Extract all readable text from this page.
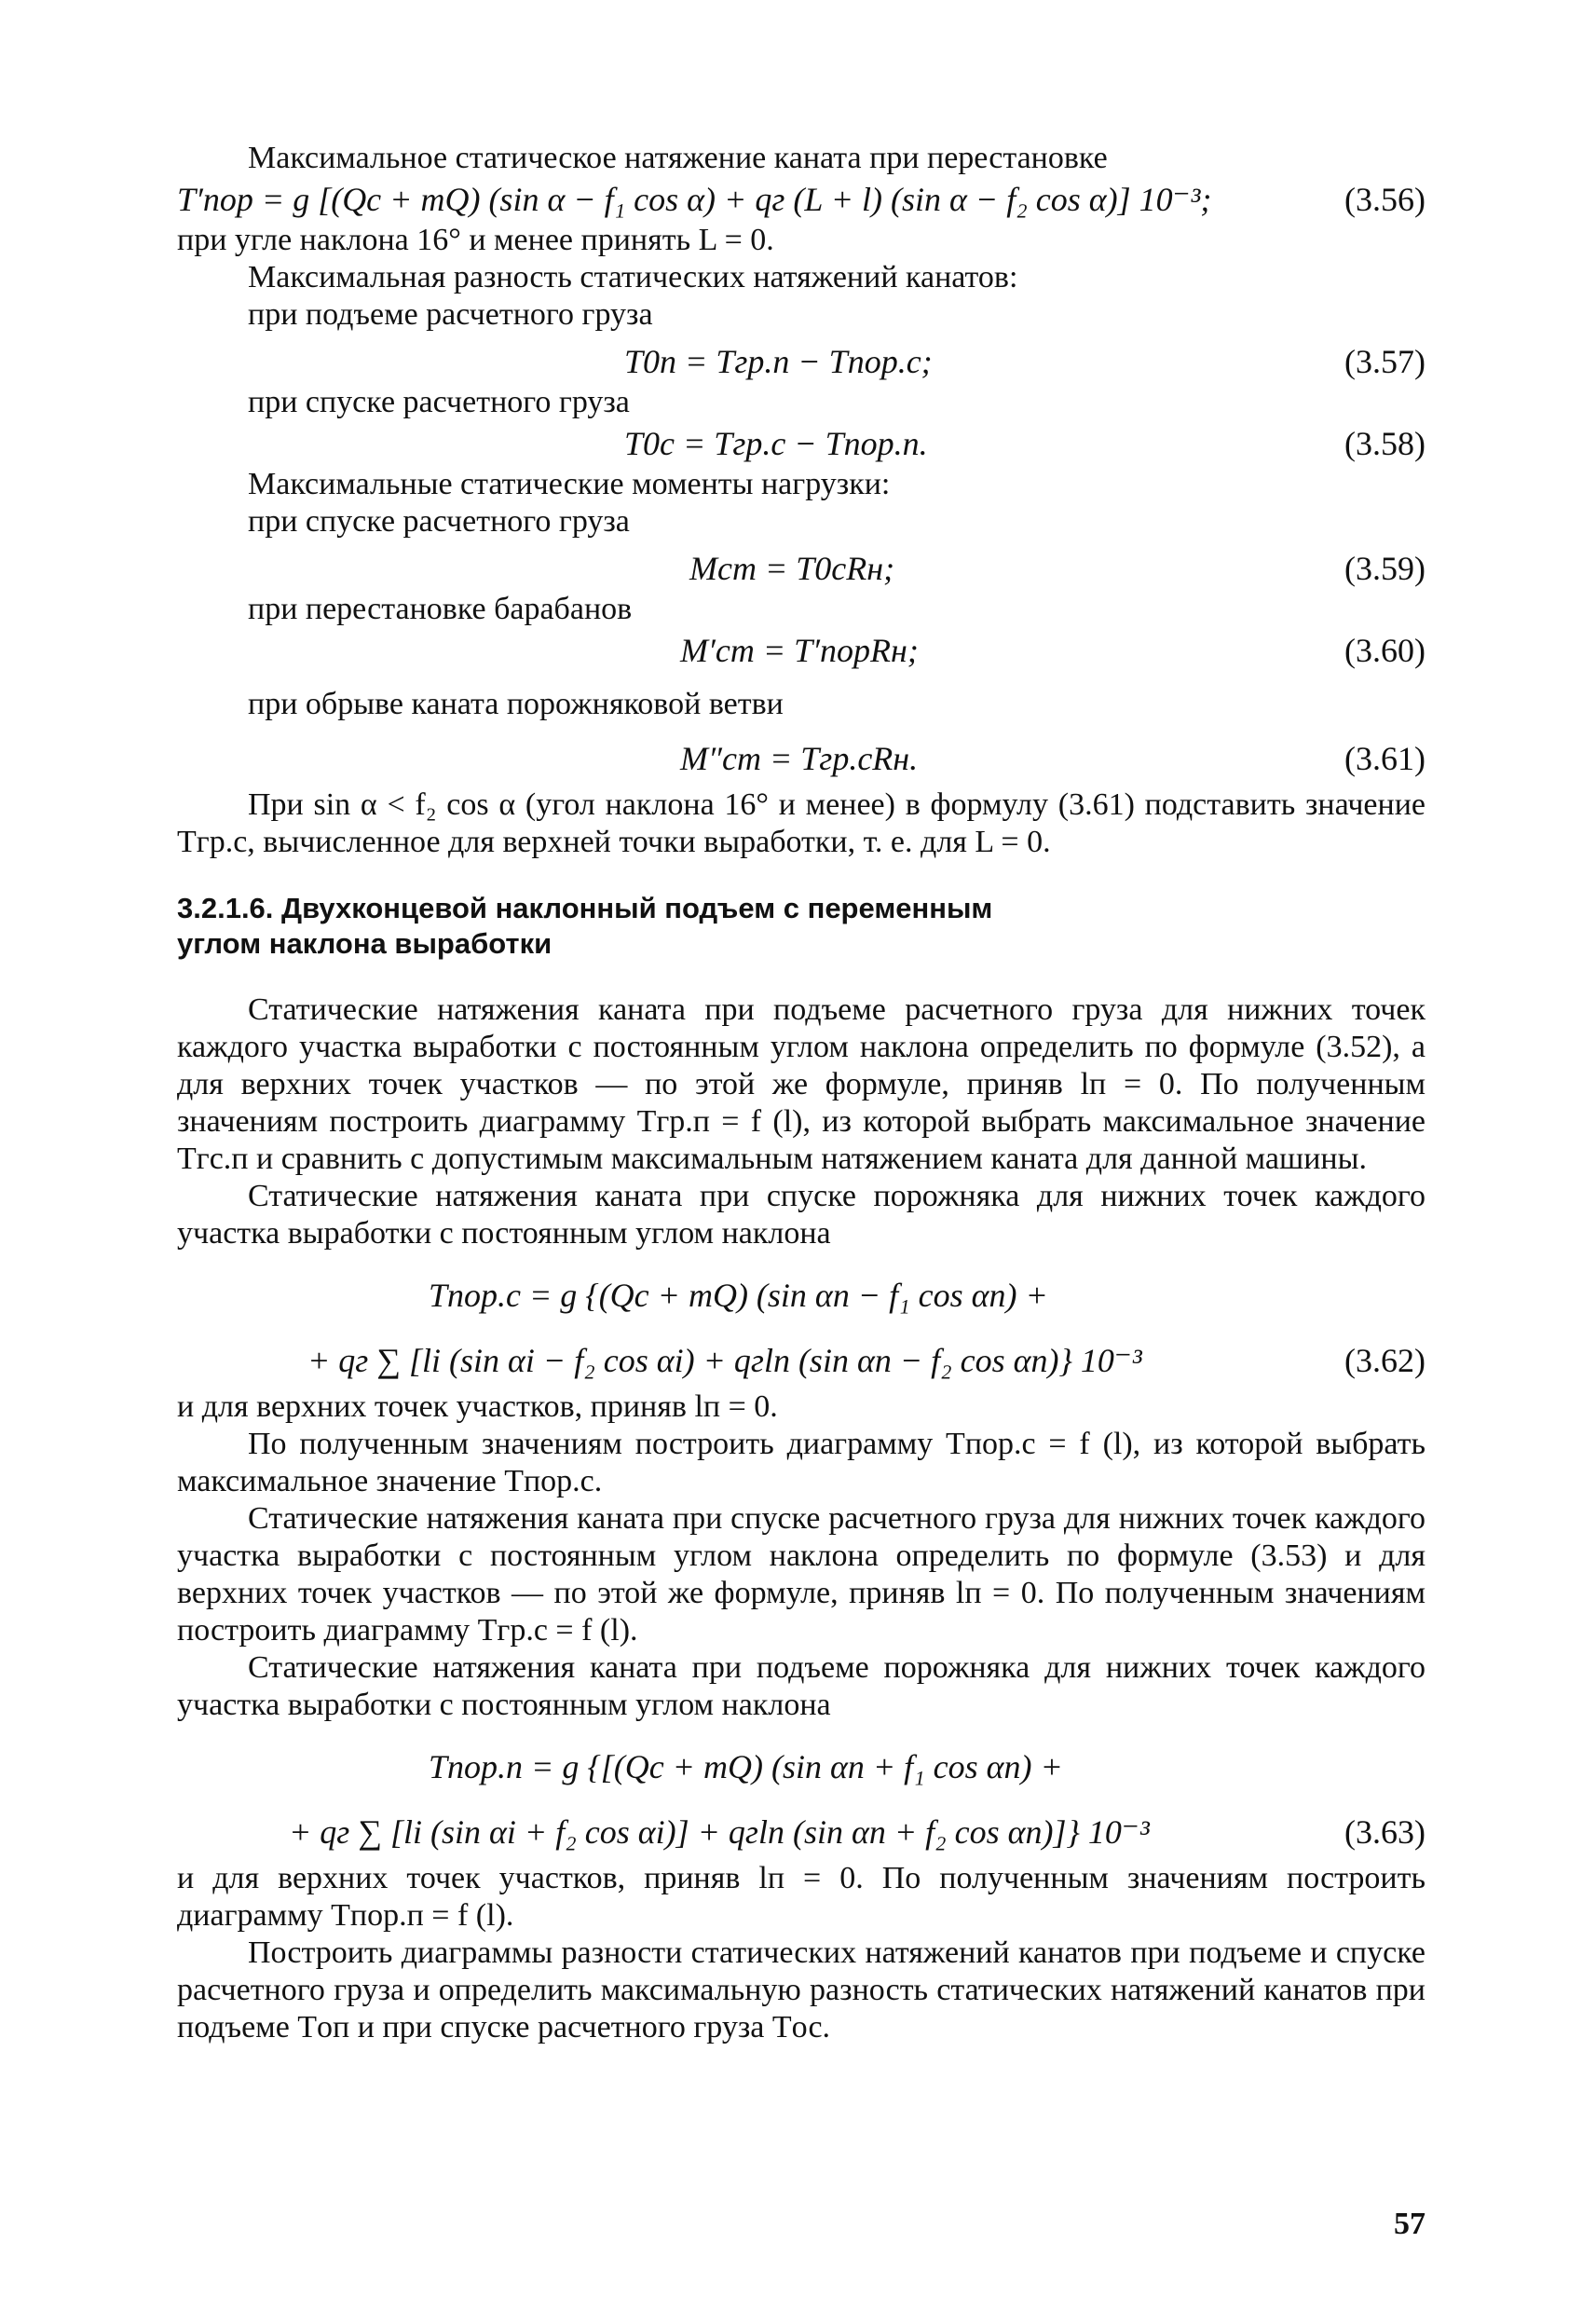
Максимальное статическое натяжение каната при перестановке

T′пор = g [(Qс + mQ) (sin α − f₁ cos α) + qг (L + l) (sin α − f₂ cos α)] 10⁻³;	(3.56)

при угле наклона 16° и менее принять L = 0.

Максимальная разность статических натяжений канатов:

при подъеме расчетного груза

T0п = Tгр.п − Tпор.с;	(3.57)

при спуске расчетного груза

T0с = Tгр.с − Tпор.п.	(3.58)

Максимальные статические моменты нагрузки:

при спуске расчетного груза

Mст = T0сRн;	(3.59)

при перестановке барабанов

M′ст = T′порRн;	(3.60)

при обрыве каната порожняковой ветви

M″ст = Tгр.сRн.	(3.61)

При sin α < f₂ cos α (угол наклона 16° и менее) в формулу (3.61) подставить значение Tгр.с, вычисленное для верхней точки выработки, т. е. для L = 0.

3.2.1.6. Двухконцевой наклонный подъем с переменным
углом наклона выработки

Статические натяжения каната при подъеме расчетного груза для нижних точек каждого участка выработки с постоянным углом наклона определить по формуле (3.52), а для верхних точек участков — по этой же формуле, приняв lп = 0. По полученным значениям построить диаграмму Tгр.п = f (l), из которой выбрать максимальное значение Tгс.п и сравнить с допустимым максимальным натяжением каната для данной машины.

Статические натяжения каната при спуске порожняка для нижних точек каждого участка выработки с постоянным углом наклона

Tпор.с = g {(Qс + mQ) (sin αп − f₁ cos αп) +
+ qг ∑ [li (sin αi − f₂ cos αi) + qгlп (sin αп − f₂ cos αп)} 10⁻³	(3.62)

и для верхних точек участков, приняв lп = 0.

По полученным значениям построить диаграмму Tпор.с = f (l), из которой выбрать максимальное значение Tпор.с.

Статические натяжения каната при спуске расчетного груза для нижних точек каждого участка выработки с постоянным углом наклона определить по формуле (3.53) и для верхних точек участков — по этой же формуле, приняв lп = 0. По полученным значениям построить диаграмму Tгр.с = f (l).

Статические натяжения каната при подъеме порожняка для нижних точек каждого участка выработки с постоянным углом наклона

Tпор.п = g {[(Qс + mQ) (sin αп + f₁ cos αп) +
+ qг ∑ [li (sin αi + f₂ cos αi)] + qгlп (sin αп + f₂ cos αп)]} 10⁻³	(3.63)

и для верхних точек участков, приняв lп = 0. По полученным значениям построить диаграмму Tпор.п = f (l).

Построить диаграммы разности статических натяжений канатов при подъеме и спуске расчетного груза и определить максимальную разность статических натяжений канатов при подъеме Tоп и при спуске расчетного груза Tос.

57
